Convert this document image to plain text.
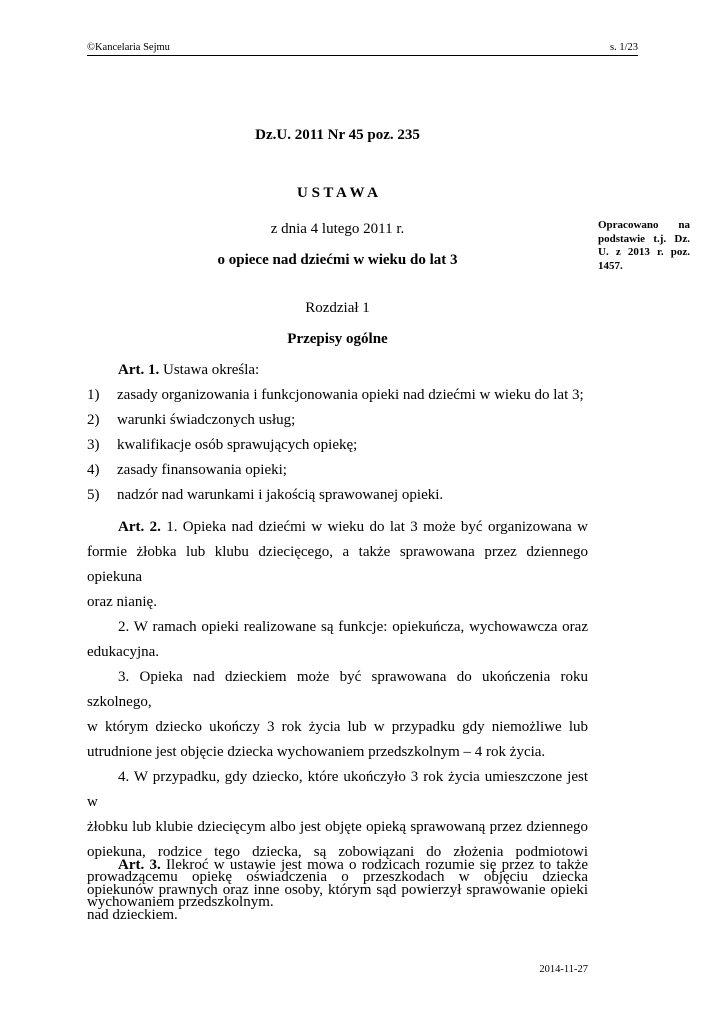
©Kancelaria Sejmu	s. 1/23
Dz.U. 2011 Nr 45 poz. 235
U S T A W A
z dnia 4 lutego 2011 r.
o opiece nad dziećmi w wieku do lat 3
Opracowano na
podstawie t.j. Dz.
U. z 2013 r. poz.
1457.
Rozdział 1
Przepisy ogólne

Art. 1. Ustawa określa:

1)	zasady organizowania i funkcjonowania opieki nad dziećmi w wieku do lat 3;
2)	warunki świadczonych usług;
3)	kwalifikacje osób sprawujących opiekę;
4)	zasady finansowania opieki;
5)	nadzór nad warunkami i jakością sprawowanej opieki.

Art. 2. 1. Opieka nad dziećmi w wieku do lat 3 może być organizowana w

formie żłobka lub klubu dziecięcego, a także sprawowana przez dziennego opiekuna

oraz nianię.

2. W ramach opieki realizowane są funkcje: opiekuńcza, wychowawcza oraz

edukacyjna.

3. Opieka nad dzieckiem może być sprawowana do ukończenia roku szkolnego,

w którym dziecko ukończy 3 rok życia lub w przypadku gdy niemożliwe lub

utrudnione jest objęcie dziecka wychowaniem przedszkolnym – 4 rok życia.

4. W przypadku, gdy dziecko, które ukończyło 3 rok życia umieszczone jest w

żłobku lub klubie dziecięcym albo jest objęte opieką sprawowaną przez dziennego

opiekuna, rodzice tego dziecka, są zobowiązani do złożenia podmiotowi

prowadzącemu opiekę oświadczenia o przeszkodach w objęciu dziecka

wychowaniem przedszkolnym.

Art. 3. Ilekroć w ustawie jest mowa o rodzicach rozumie się przez to także

opiekunów prawnych oraz inne osoby, którym sąd powierzył sprawowanie opieki

nad dzieckiem.

2014-11-27
